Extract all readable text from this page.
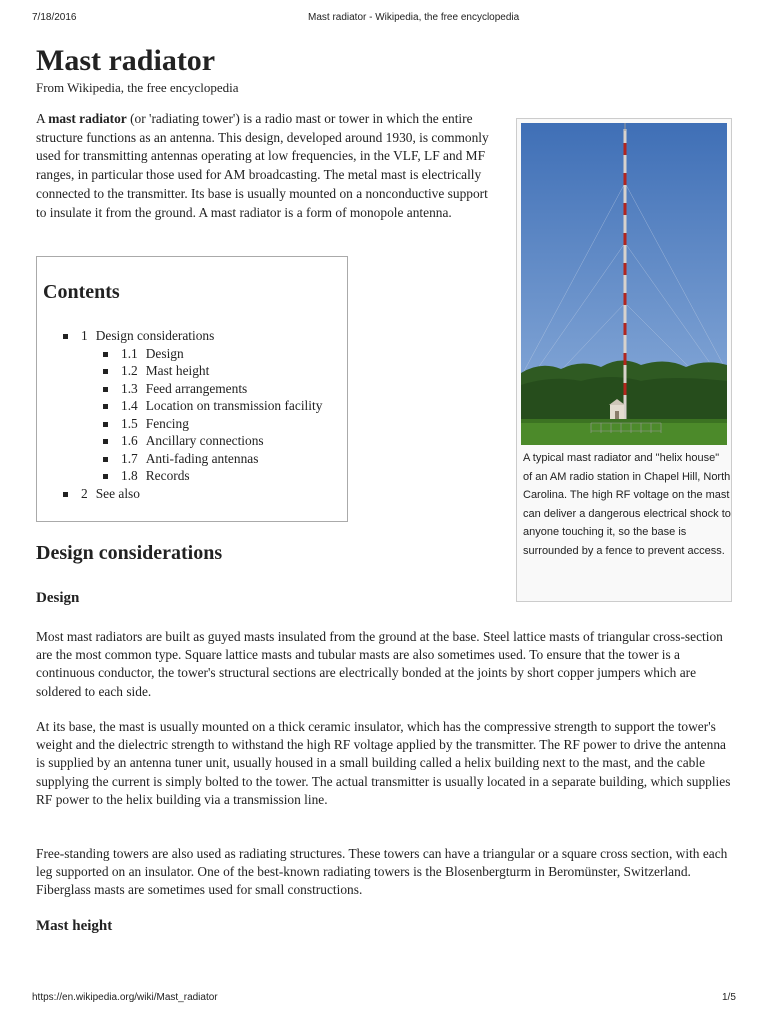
7/18/2016	Mast radiator - Wikipedia, the free encyclopedia
Mast radiator
From Wikipedia, the free encyclopedia

A mast radiator (or 'radiating tower') is a radio mast or tower in which the entire structure functions as an antenna. This design, developed around 1930, is commonly used for transmitting antennas operating at low frequencies, in the VLF, LF and MF ranges, in particular those used for AM broadcasting. The metal mast is electrically connected to the transmitter. Its base is usually mounted on a nonconductive support to insulate it from the ground. A mast radiator is a form of monopole antenna.

Contents
1 Design considerations
1.1 Design
1.2 Mast height
1.3 Feed arrangements
1.4 Location on transmission facility
1.5 Fencing
1.6 Ancillary connections
1.7 Anti-fading antennas
1.8 Records
2 See also

A typical mast radiator and "helix house" of an AM radio station in Chapel Hill, North Carolina. The high RF voltage on the mast can deliver a dangerous electrical shock to anyone touching it, so the base is surrounded by a fence to prevent access.

Design considerations
Design

Most mast radiators are built as guyed masts insulated from the ground at the base. Steel lattice masts of triangular cross-section are the most common type. Square lattice masts and tubular masts are also sometimes used. To ensure that the tower is a continuous conductor, the tower's structural sections are electrically bonded at the joints by short copper jumpers which are soldered to each side.

At its base, the mast is usually mounted on a thick ceramic insulator, which has the compressive strength to support the tower's weight and the dielectric strength to withstand the high RF voltage applied by the transmitter. The RF power to drive the antenna is supplied by an antenna tuner unit, usually housed in a small building called a helix building next to the mast, and the cable supplying the current is simply bolted to the tower. The actual transmitter is usually located in a separate building, which supplies RF power to the helix building via a transmission line.

Free-standing towers are also used as radiating structures. These towers can have a triangular or a square cross section, with each leg supported on an insulator. One of the best-known radiating towers is the Blosenbergturm in Beromünster, Switzerland. Fiberglass masts are sometimes used for small constructions.

Mast height
https://en.wikipedia.org/wiki/Mast_radiator	1/5
